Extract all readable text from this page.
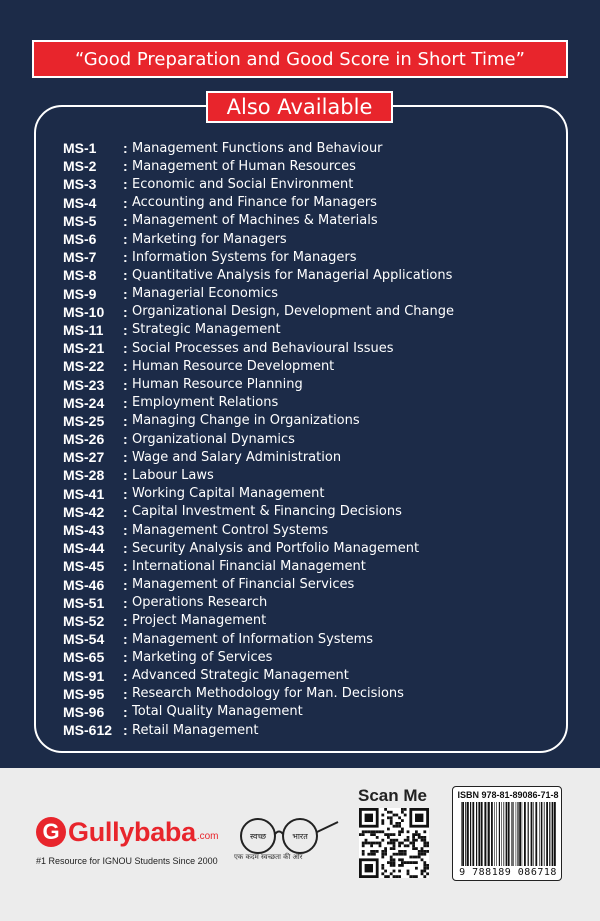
“Good Preparation and Good Score in Short Time”
Also Available
MS-1	: Management Functions and Behaviour
MS-2	: Management of Human Resources
MS-3	: Economic and Social Environment
MS-4	: Accounting and Finance for Managers
MS-5	: Management of Machines & Materials
MS-6	: Marketing for Managers
MS-7	: Information Systems for Managers
MS-8	: Quantitative Analysis for Managerial Applications
MS-9	: Managerial Economics
MS-10	: Organizational Design, Development and Change
MS-11	: Strategic Management
MS-21	: Social Processes and Behavioural Issues
MS-22	: Human Resource Development
MS-23	: Human Resource Planning
MS-24	: Employment Relations
MS-25	: Managing Change in Organizations
MS-26	: Organizational Dynamics
MS-27	: Wage and Salary Administration
MS-28	: Labour Laws
MS-41	: Working Capital Management
MS-42	: Capital Investment & Financing Decisions
MS-43	: Management Control Systems
MS-44	: Security Analysis and Portfolio Management
MS-45	: International Financial Management
MS-46	: Management of Financial Services
MS-51	: Operations Research
MS-52	: Project Management
MS-54	: Management of Information Systems
MS-65	: Marketing of Services
MS-91	: Advanced Strategic Management
MS-95	: Research Methodology for Man. Decisions
MS-96	: Total Quality Management
MS-612 : Retail Management
G Gullybaba .com
#1 Resource for IGNOU Students Since 2000
स्वच्छ	भारत
एक कदम स्वच्छता की ओर
Scan Me	ISBN 978-81-89086-71-8
9 788189 086718
